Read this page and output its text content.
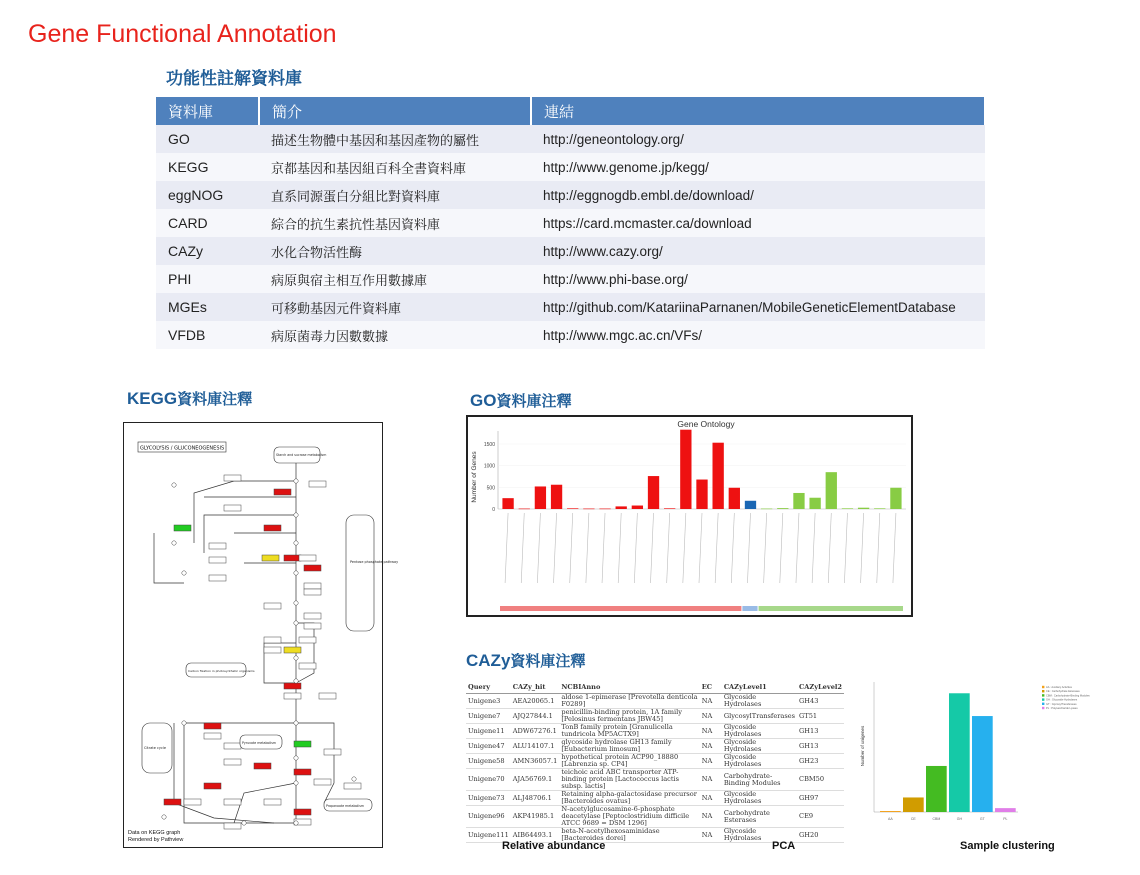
Gene Functional Annotation
功能性註解資料庫
資料庫	簡介	連結
GO	描述生物體中基因和基因產物的屬性	http://geneontology.org/
KEGG	京都基因和基因組百科全書資料庫	http://www.genome.jp/kegg/
eggNOG	直系同源蛋白分組比對資料庫	http://eggnogdb.embl.de/download/
CARD	綜合的抗生素抗性基因資料庫	https://card.mcmaster.ca/download
CAZy	水化合物活性酶	http://www.cazy.org/
PHI	病原與宿主相互作用數據庫	http://www.phi-base.org/
MGEs	可移動基因元件資料庫	http://github.com/KatariinaParnanen/MobileGeneticElementDatabase
VFDB	病原菌毒力因數數據	http://www.mgc.ac.cn/VFs/
KEGG資料庫注釋
GLYCOLYSIS / GLUCONEOGENESIS
Pentose phosphate pathway
Citrate cycle
Carbon fixation in photosynthetic organisms
Propanoate metabolism
Starch and sucrose metabolism
Pyruvate metabolism
Data on KEGG graph
Rendered by Pathview
GO資料庫注釋
Gene Ontology
Number of Genes
0
500
1000
1500
CAZy資料庫注釋
Query	CAZy_hit	NCBIAnno	EC	CAZyLevel1	CAZyLevel2
Unigene3	AEA20065.1	aldose 1-epimerase [Prevotella denticola F0289]	NA	Glycoside Hydrolases	GH43
Unigene7	AJQ27844.1	penicillin-binding protein, 1A family [Pelosinus fermentans JBW45]	NA	GlycosylTransferases	GT51
Unigene11	ADW67276.1	TonB family protein [Granulicella tundricola MP5ACTX9]	NA	Glycoside Hydrolases	GH13
Unigene47	ALU14107.1	glycoside hydrolase GH13 family [Eubacterium limosum]	NA	Glycoside Hydrolases	GH13
Unigene58	AMN36057.1	hypothetical protein ACP90_18880 [Labrenzia sp. CP4]	NA	Glycoside Hydrolases	GH23
Unigene70	AJA56769.1	teichoic acid ABC transporter ATP-binding protein [Lactococcus lactis subsp. lactis]	NA	Carbohydrate-Binding Modules	CBM50
Unigene73	ALJ48706.1	Retaining alpha-galactosidase precursor [Bacteroides ovatus]	NA	Glycoside Hydrolases	GH97
Unigene96	AKP41985.1	N-acetylglucosamine-6-phosphate deacetylase [Peptoclostridium difficile ATCC 9689 = DSM 1296]	NA	Carbohydrate Esterases	CE9
Unigene111	AIB64493.1	beta-N-acetylhexosaminidase [Bacteroides dorei]	NA	Glycoside Hydrolases	GH20
Number of unigenes
AA	CE	CBM	GH	GT	PL
AA : Auxiliary Activities
CE : Carbohydrate Esterases
CBM : Carbohydrate-Binding Modules
GH : Glycoside Hydrolases
GT : GlycosylTransferases
PL : Polysaccharide Lyases
Relative abundance	PCA	Sample clustering
